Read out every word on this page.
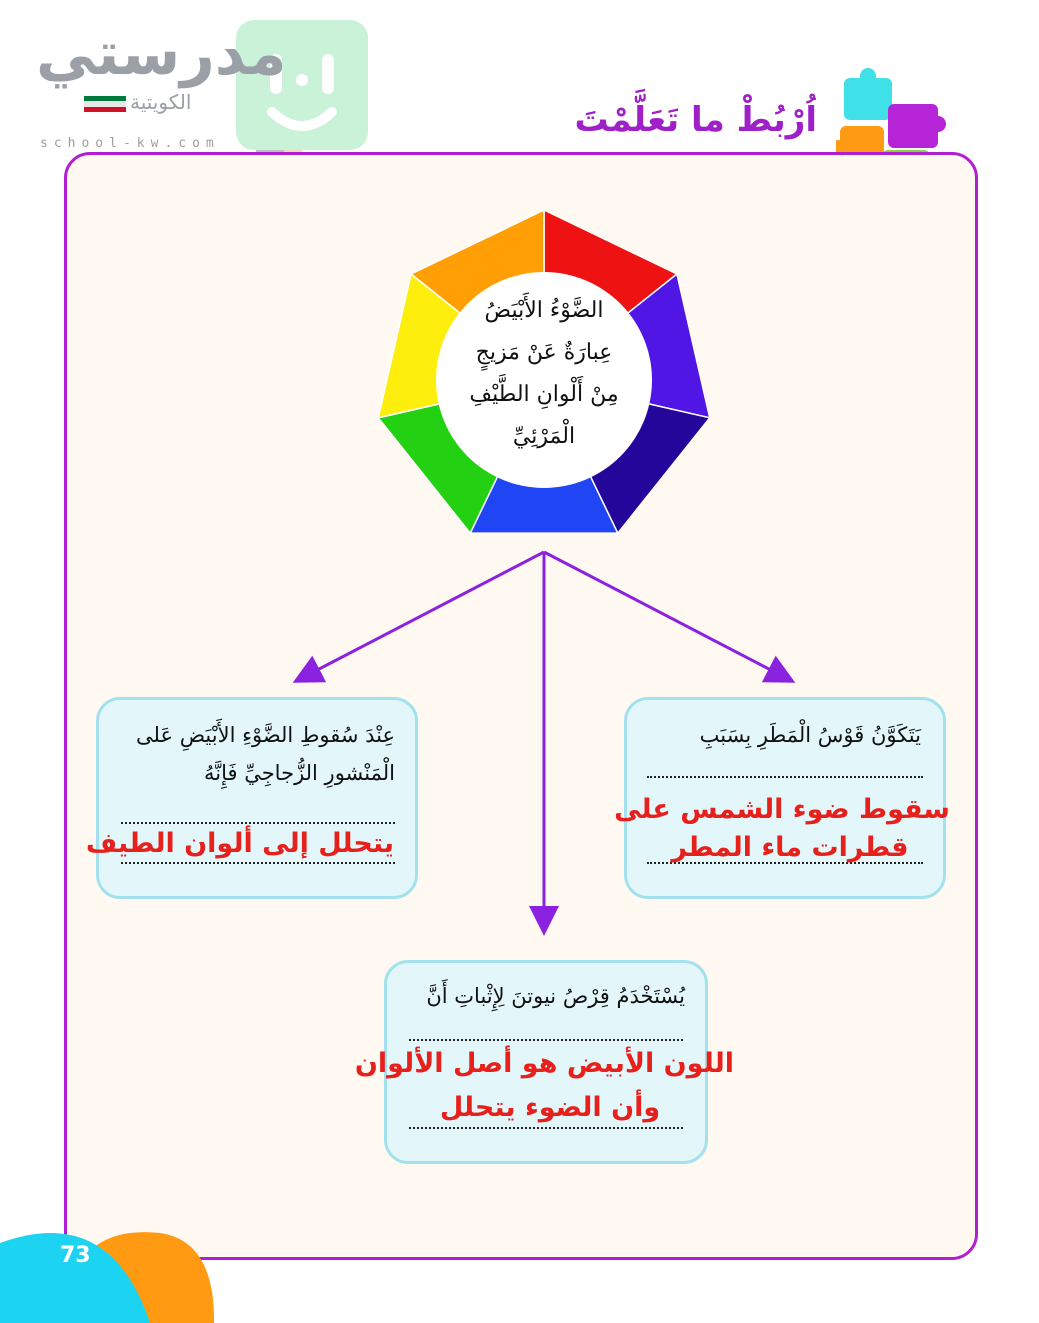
مدرستي
الكويتية
school-kw.com
اُرْبُطْ ما تَعَلَّمْتَ
الضَّوْءُ الأَبْيَضُ
عِبارَةٌ عَنْ مَزيجٍ
مِنْ أَلْوانِ الطَّيْفِ
الْمَرْئِيِّ
يَتَكَوَّنُ قَوْسُ الْمَطَرِ بِسَبَبِ
سقوط ضوء الشمس على
قطرات ماء المطر
عِنْدَ سُقوطِ الضَّوْءِ الأَبْيَضِ عَلى
الْمَنْشورِ الزُّجاجِيِّ فَإِنَّهُ
يتحلل إلى ألوان الطيف
يُسْتَخْدَمُ قِرْصُ نيوتنَ لِإِثْباتِ أَنَّ
اللون الأبيض هو أصل الألوان
وأن الضوء يتحلل
73
